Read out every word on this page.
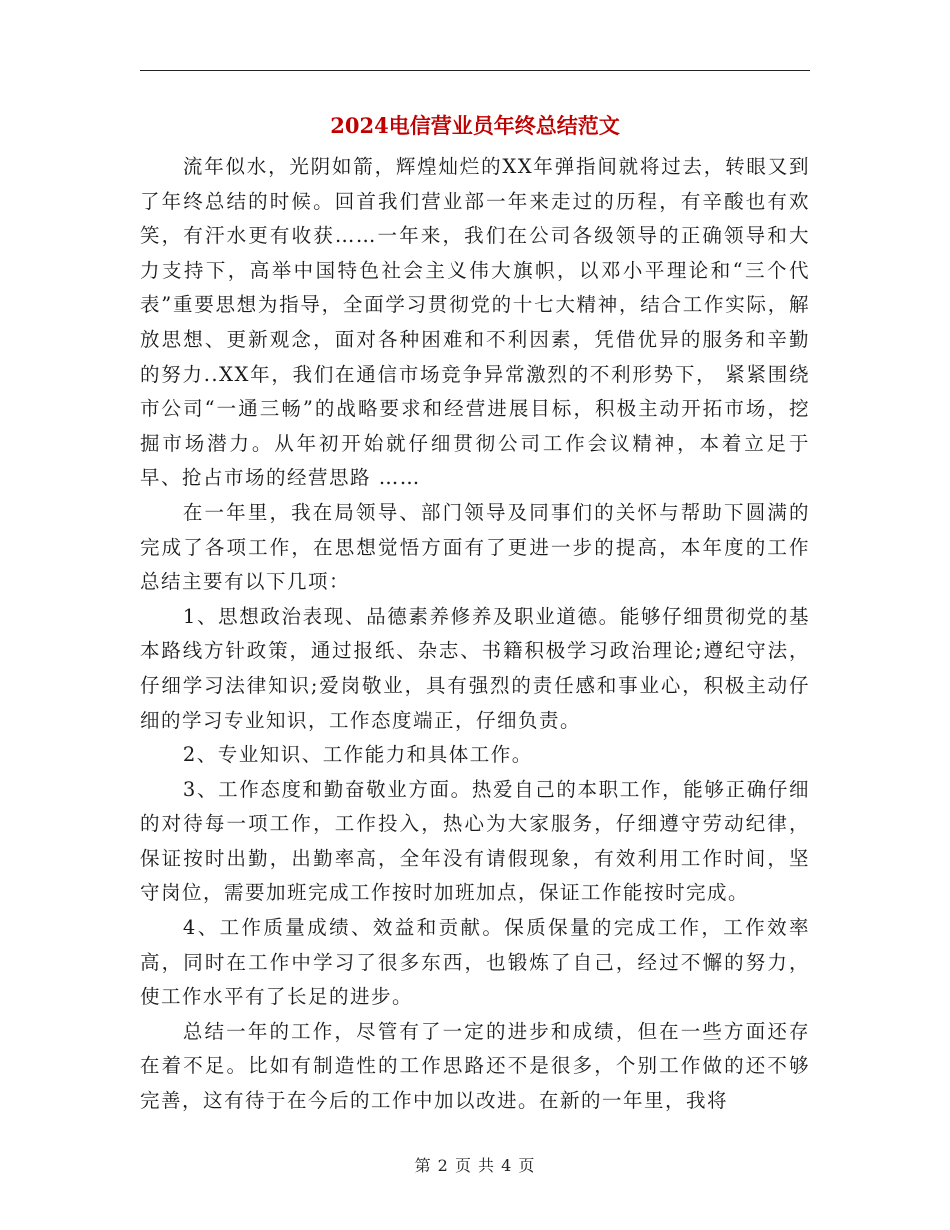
2024电信营业员年终总结范文

流年似水，光阴如箭，辉煌灿烂的XX年弹指间就将过去，转眼又到了年终总结的时候。回首我们营业部一年来走过的历程，有辛酸也有欢笑，有汗水更有收获……一年来，我们在公司各级领导的正确领导和大力支持下，高举中国特色社会主义伟大旗帜，以邓小平理论和“三个代表”重要思想为指导，全面学习贯彻党的十七大精神，结合工作实际，解放思想、更新观念，面对各种困难和不利因素，凭借优异的服务和辛勤的努力..XX年，我们在通信市场竞争异常激烈的不利形势下， 紧紧围绕市公司“一通三畅”的战略要求和经营进展目标，积极主动开拓市场，挖掘市场潜力。从年初开始就仔细贯彻公司工作会议精神，本着立足于早、抢占市场的经营思路 ……

在一年里，我在局领导、部门领导及同事们的关怀与帮助下圆满的完成了各项工作，在思想觉悟方面有了更进一步的提高，本年度的工作总结主要有以下几项：

1、思想政治表现、品德素养修养及职业道德。能够仔细贯彻党的基本路线方针政策，通过报纸、杂志、书籍积极学习政治理论;遵纪守法，仔细学习法律知识;爱岗敬业，具有强烈的责任感和事业心，积极主动仔细的学习专业知识，工作态度端正，仔细负责。

2、专业知识、工作能力和具体工作。

3、工作态度和勤奋敬业方面。热爱自己的本职工作，能够正确仔细的对待每一项工作，工作投入，热心为大家服务，仔细遵守劳动纪律，保证按时出勤，出勤率高，全年没有请假现象，有效利用工作时间，坚守岗位，需要加班完成工作按时加班加点，保证工作能按时完成。

4、工作质量成绩、效益和贡献。保质保量的完成工作，工作效率高，同时在工作中学习了很多东西，也锻炼了自己，经过不懈的努力，使工作水平有了长足的进步。

总结一年的工作，尽管有了一定的进步和成绩，但在一些方面还存在着不足。比如有制造性的工作思路还不是很多，个别工作做的还不够完善，这有待于在今后的工作中加以改进。在新的一年里，我将

第 2 页 共 4 页
